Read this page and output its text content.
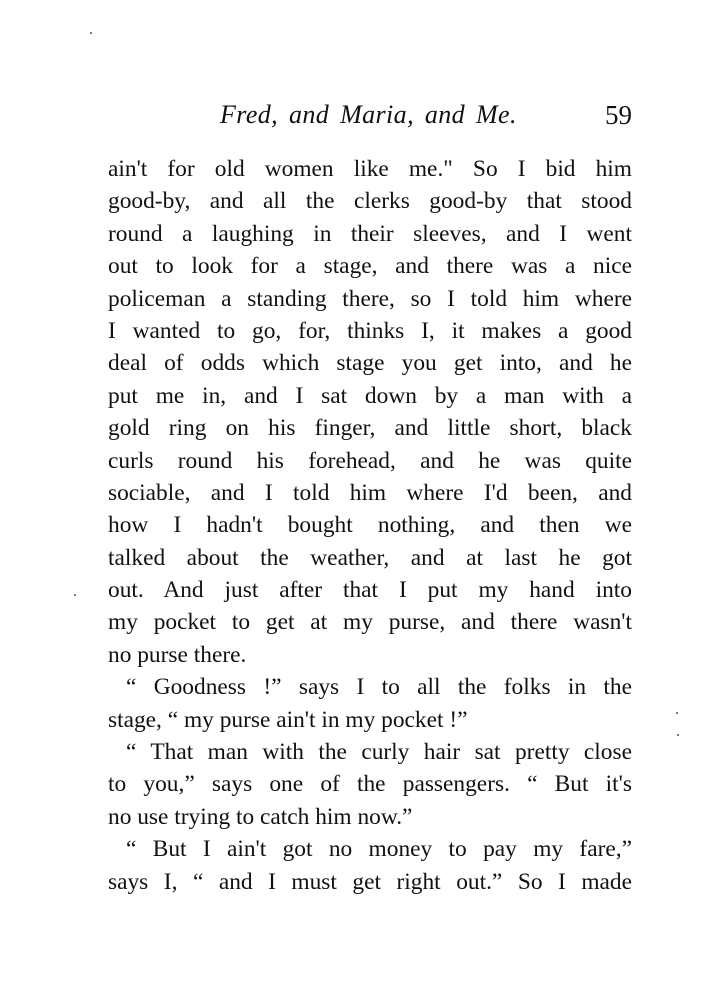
Fred, and Maria, and Me.	59
ain't for old women like me." So I bid him
good-by, and all the clerks good-by that stood
round a laughing in their sleeves, and I went
out to look for a stage, and there was a nice
policeman a standing there, so I told him where
I wanted to go, for, thinks I, it makes a good
deal of odds which stage you get into, and he
put me in, and I sat down by a man with a
gold ring on his finger, and little short, black
curls round his forehead, and he was quite
sociable, and I told him where I'd been, and
how I hadn't bought nothing, and then we
talked about the weather, and at last he got
out. And just after that I put my hand into
my pocket to get at my purse, and there wasn't
no purse there.
“ Goodness !” says I to all the folks in the
stage, “ my purse ain't in my pocket !”
“ That man with the curly hair sat pretty close
to you,” says one of the passengers. “ But it's
no use trying to catch him now.”
“ But I ain't got no money to pay my fare,”
says I, “ and I must get right out.” So I made
